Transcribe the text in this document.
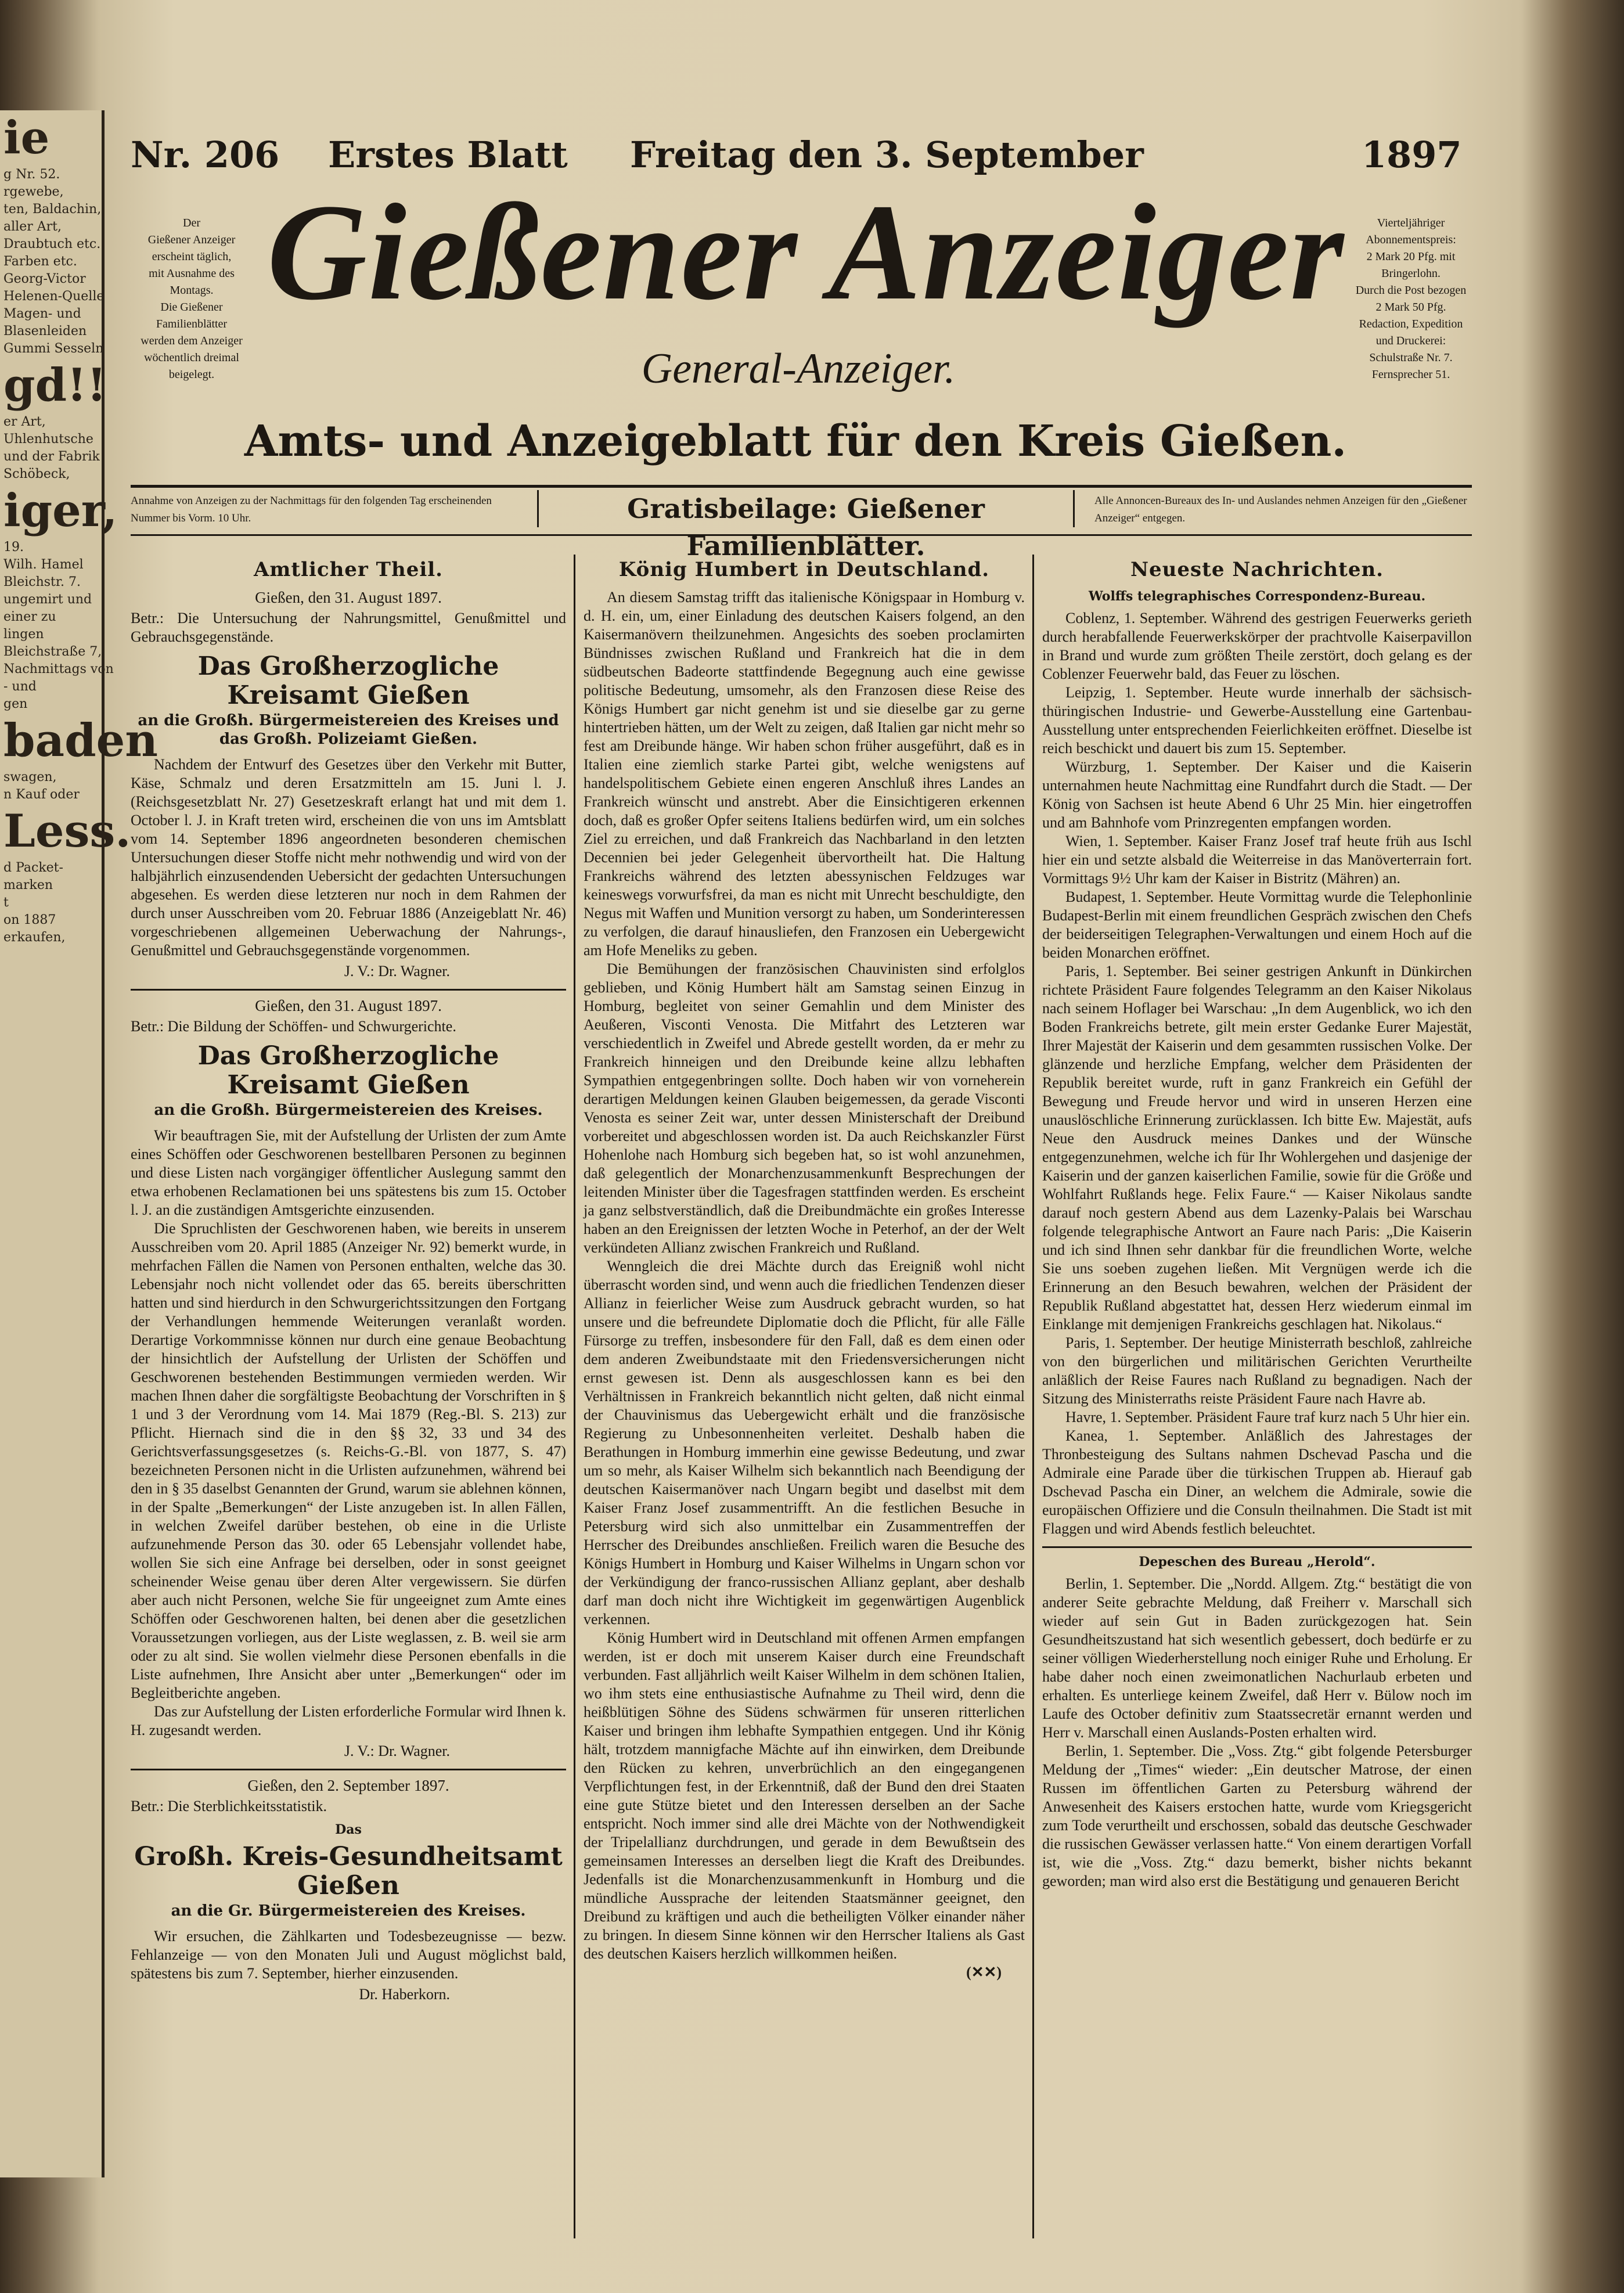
ie
g Nr. 52.
rgewebe,
ten, Baldachin,
aller Art,
Draubtuch etc.
Farben etc.
Georg-Victor
Helenen-Quelle
Magen- und
Blasenleiden
Gummi Sesseln
gd!!
er Art,
Uhlenhutsche
und der Fabrik
Schöbeck,
iger,
19.
Wilh. Hamel
Bleichstr. 7.
ungemirt und
einer zu
lingen
Bleichstraße 7,
Nachmittags von
- und
gen
baden
swagen,
n Kauf oder
Less.
d Packet-
marken
t
on 1887
erkaufen,
Nr. 206 Erstes Blatt Freitag den 3. September	1897
Der
Gießener Anzeiger
erscheint täglich,
mit Ausnahme des
Montags.
Die Gießener
Familienblätter
werden dem Anzeiger
wöchentlich dreimal
beigelegt.
Gießener Anzeiger	Vierteljähriger
Abonnementspreis:
2 Mark 20 Pfg. mit
Bringerlohn.
Durch die Post bezogen
2 Mark 50 Pfg.
Redaction, Expedition
und Druckerei:
Schulstraße Nr. 7.
Fernsprecher 51.
General-Anzeiger.
Amts- und Anzeigeblatt für den Kreis Gießen.
Annahme von Anzeigen zu der Nachmittags für den folgenden Tag erscheinenden Nummer bis Vorm. 10 Uhr.	Gratisbeilage: Gießener Familienblätter.
Alle Annoncen-Bureaux des In- und Auslandes nehmen Anzeigen für den „Gießener Anzeiger“ entgegen.
Amtlicher Theil.
Gießen, den 31. August 1897.
Betr.: Die Untersuchung der Nahrungsmittel, Genußmittel und Gebrauchsgegenstände.
Das Großherzogliche Kreisamt Gießen
an die Großh. Bürgermeistereien des Kreises und das Großh. Polizeiamt Gießen.

Nachdem der Entwurf des Gesetzes über den Verkehr mit Butter, Käse, Schmalz und deren Ersatzmitteln am 15. Juni l. J. (Reichsgesetzblatt Nr. 27) Gesetzeskraft erlangt hat und mit dem 1. October l. J. in Kraft treten wird, erscheinen die von uns im Amtsblatt vom 14. September 1896 angeordneten besonderen chemischen Untersuchungen dieser Stoffe nicht mehr nothwendig und wird von der halbjährlich einzusendenden Uebersicht der gedachten Untersuchungen abgesehen. Es werden diese letzteren nur noch in dem Rahmen der durch unser Ausschreiben vom 20. Februar 1886 (Anzeigeblatt Nr. 46) vorgeschriebenen allgemeinen Ueberwachung der Nahrungs-, Genußmittel und Gebrauchsgegenstände vorgenommen.

J. V.: Dr. Wagner.
Gießen, den 31. August 1897.
Betr.: Die Bildung der Schöffen- und Schwurgerichte.
Das Großherzogliche Kreisamt Gießen
an die Großh. Bürgermeistereien des Kreises.

Wir beauftragen Sie, mit der Aufstellung der Urlisten der zum Amte eines Schöffen oder Geschworenen bestellbaren Personen zu beginnen und diese Listen nach vorgängiger öffentlicher Auslegung sammt den etwa erhobenen Reclamationen bei uns spätestens bis zum 15. October l. J. an die zuständigen Amtsgerichte einzusenden.

Die Spruchlisten der Geschworenen haben, wie bereits in unserem Ausschreiben vom 20. April 1885 (Anzeiger Nr. 92) bemerkt wurde, in mehrfachen Fällen die Namen von Personen enthalten, welche das 30. Lebensjahr noch nicht vollendet oder das 65. bereits überschritten hatten und sind hierdurch in den Schwurgerichtssitzungen den Fortgang der Verhandlungen hemmende Weiterungen veranlaßt worden. Derartige Vorkommnisse können nur durch eine genaue Beobachtung der hinsichtlich der Aufstellung der Urlisten der Schöffen und Geschworenen bestehenden Bestimmungen vermieden werden. Wir machen Ihnen daher die sorgfältigste Beobachtung der Vorschriften in § 1 und 3 der Verordnung vom 14. Mai 1879 (Reg.-Bl. S. 213) zur Pflicht. Hiernach sind die in den §§ 32, 33 und 34 des Gerichtsverfassungsgesetzes (s. Reichs-G.-Bl. von 1877, S. 47) bezeichneten Personen nicht in die Urlisten aufzunehmen, während bei den in § 35 daselbst Genannten der Grund, warum sie ablehnen können, in der Spalte „Bemerkungen“ der Liste anzugeben ist. In allen Fällen, in welchen Zweifel darüber bestehen, ob eine in die Urliste aufzunehmende Person das 30. oder 65 Lebensjahr vollendet habe, wollen Sie sich eine Anfrage bei derselben, oder in sonst geeignet scheinender Weise genau über deren Alter vergewissern. Sie dürfen aber auch nicht Personen, welche Sie für ungeeignet zum Amte eines Schöffen oder Geschworenen halten, bei denen aber die gesetzlichen Voraussetzungen vorliegen, aus der Liste weglassen, z. B. weil sie arm oder zu alt sind. Sie wollen vielmehr diese Personen ebenfalls in die Liste aufnehmen, Ihre Ansicht aber unter „Bemerkungen“ oder im Begleitberichte angeben.

Das zur Aufstellung der Listen erforderliche Formular wird Ihnen k. H. zugesandt werden.

J. V.: Dr. Wagner.
Gießen, den 2. September 1897.
Betr.: Die Sterblichkeitsstatistik.
Das
Großh. Kreis-Gesundheitsamt Gießen
an die Gr. Bürgermeistereien des Kreises.

Wir ersuchen, die Zählkarten und Todesbezeugnisse — bezw. Fehlanzeige — von den Monaten Juli und August möglichst bald, spätestens bis zum 7. September, hierher einzusenden.

Dr. Haberkorn.
König Humbert in Deutschland.

An diesem Samstag trifft das italienische Königspaar in Homburg v. d. H. ein, um, einer Einladung des deutschen Kaisers folgend, an den Kaisermanövern theilzunehmen. Angesichts des soeben proclamirten Bündnisses zwischen Rußland und Frankreich hat die in dem südbeutschen Badeorte stattfindende Begegnung auch eine gewisse politische Bedeutung, umsomehr, als den Franzosen diese Reise des Königs Humbert gar nicht genehm ist und sie dieselbe gar zu gerne hintertrieben hätten, um der Welt zu zeigen, daß Italien gar nicht mehr so fest am Dreibunde hänge. Wir haben schon früher ausgeführt, daß es in Italien eine ziemlich starke Partei gibt, welche wenigstens auf handelspolitischem Gebiete einen engeren Anschluß ihres Landes an Frankreich wünscht und anstrebt. Aber die Einsichtigeren erkennen doch, daß es großer Opfer seitens Italiens bedürfen wird, um ein solches Ziel zu erreichen, und daß Frankreich das Nachbarland in den letzten Decennien bei jeder Gelegenheit übervortheilt hat. Die Haltung Frankreichs während des letzten abessynischen Feldzuges war keineswegs vorwurfsfrei, da man es nicht mit Unrecht beschuldigte, den Negus mit Waffen und Munition versorgt zu haben, um Sonderinteressen zu verfolgen, die darauf hinausliefen, den Franzosen ein Uebergewicht am Hofe Meneliks zu geben.

Die Bemühungen der französischen Chauvinisten sind erfolglos geblieben, und König Humbert hält am Samstag seinen Einzug in Homburg, begleitet von seiner Gemahlin und dem Minister des Aeußeren, Visconti Venosta. Die Mitfahrt des Letzteren war verschiedentlich in Zweifel und Abrede gestellt worden, da er mehr zu Frankreich hinneigen und den Dreibunde keine allzu lebhaften Sympathien entgegenbringen sollte. Doch haben wir von vorneherein derartigen Meldungen keinen Glauben beigemessen, da gerade Visconti Venosta es seiner Zeit war, unter dessen Ministerschaft der Dreibund vorbereitet und abgeschlossen worden ist. Da auch Reichskanzler Fürst Hohenlohe nach Homburg sich begeben hat, so ist wohl anzunehmen, daß gelegentlich der Monarchenzusammenkunft Besprechungen der leitenden Minister über die Tagesfragen stattfinden werden. Es erscheint ja ganz selbstverständlich, daß die Dreibundmächte ein großes Interesse haben an den Ereignissen der letzten Woche in Peterhof, an der der Welt verkündeten Allianz zwischen Frankreich und Rußland.

Wenngleich die drei Mächte durch das Ereigniß wohl nicht überrascht worden sind, und wenn auch die friedlichen Tendenzen dieser Allianz in feierlicher Weise zum Ausdruck gebracht wurden, so hat unsere und die befreundete Diplomatie doch die Pflicht, für alle Fälle Fürsorge zu treffen, insbesondere für den Fall, daß es dem einen oder dem anderen Zweibundstaate mit den Friedensversicherungen nicht ernst gewesen ist. Denn als ausgeschlossen kann es bei den Verhältnissen in Frankreich bekanntlich nicht gelten, daß nicht einmal der Chauvinismus das Uebergewicht erhält und die französische Regierung zu Unbesonnenheiten verleitet. Deshalb haben die Berathungen in Homburg immerhin eine gewisse Bedeutung, und zwar um so mehr, als Kaiser Wilhelm sich bekanntlich nach Beendigung der deutschen Kaisermanöver nach Ungarn begibt und daselbst mit dem Kaiser Franz Josef zusammentrifft. An die festlichen Besuche in Petersburg wird sich also unmittelbar ein Zusammentreffen der Herrscher des Dreibundes anschließen. Freilich waren die Besuche des Königs Humbert in Homburg und Kaiser Wilhelms in Ungarn schon vor der Verkündigung der franco-russischen Allianz geplant, aber deshalb darf man doch nicht ihre Wichtigkeit im gegenwärtigen Augenblick verkennen.

König Humbert wird in Deutschland mit offenen Armen empfangen werden, ist er doch mit unserem Kaiser durch eine Freundschaft verbunden. Fast alljährlich weilt Kaiser Wilhelm in dem schönen Italien, wo ihm stets eine enthusiastische Aufnahme zu Theil wird, denn die heißblütigen Söhne des Südens schwärmen für unseren ritterlichen Kaiser und bringen ihm lebhafte Sympathien entgegen. Und ihr König hält, trotzdem mannigfache Mächte auf ihn einwirken, dem Dreibunde den Rücken zu kehren, unverbrüchlich an den eingegangenen Verpflichtungen fest, in der Erkenntniß, daß der Bund den drei Staaten eine gute Stütze bietet und den Interessen derselben an der Sache entspricht. Noch immer sind alle drei Mächte von der Nothwendigkeit der Tripelallianz durchdrungen, und gerade in dem Bewußtsein des gemeinsamen Interesses an derselben liegt die Kraft des Dreibundes. Jedenfalls ist die Monarchenzusammenkunft in Homburg und die mündliche Aussprache der leitenden Staatsmänner geeignet, den Dreibund zu kräftigen und auch die betheiligten Völker einander näher zu bringen. In diesem Sinne können wir den Herrscher Italiens als Gast des deutschen Kaisers herzlich willkommen heißen.

(✕✕)
Neueste Nachrichten.
Wolffs telegraphisches Correspondenz-Bureau.

Coblenz, 1. September. Während des gestrigen Feuerwerks gerieth durch herabfallende Feuerwerkskörper der prachtvolle Kaiserpavillon in Brand und wurde zum größten Theile zerstört, doch gelang es der Coblenzer Feuerwehr bald, das Feuer zu löschen.

Leipzig, 1. September. Heute wurde innerhalb der sächsisch-thüringischen Industrie- und Gewerbe-Ausstellung eine Gartenbau-Ausstellung unter entsprechenden Feierlichkeiten eröffnet. Dieselbe ist reich beschickt und dauert bis zum 15. September.

Würzburg, 1. September. Der Kaiser und die Kaiserin unternahmen heute Nachmittag eine Rundfahrt durch die Stadt. — Der König von Sachsen ist heute Abend 6 Uhr 25 Min. hier eingetroffen und am Bahnhofe vom Prinzregenten empfangen worden.

Wien, 1. September. Kaiser Franz Josef traf heute früh aus Ischl hier ein und setzte alsbald die Weiterreise in das Manöverterrain fort. Vormittags 9½ Uhr kam der Kaiser in Bistritz (Mähren) an.

Budapest, 1. September. Heute Vormittag wurde die Telephonlinie Budapest-Berlin mit einem freundlichen Gespräch zwischen den Chefs der beiderseitigen Telegraphen-Verwaltungen und einem Hoch auf die beiden Monarchen eröffnet.

Paris, 1. September. Bei seiner gestrigen Ankunft in Dünkirchen richtete Präsident Faure folgendes Telegramm an den Kaiser Nikolaus nach seinem Hoflager bei Warschau: „In dem Augenblick, wo ich den Boden Frankreichs betrete, gilt mein erster Gedanke Eurer Majestät, Ihrer Majestät der Kaiserin und dem gesammten russischen Volke. Der glänzende und herzliche Empfang, welcher dem Präsidenten der Republik bereitet wurde, ruft in ganz Frankreich ein Gefühl der Bewegung und Freude hervor und wird in unseren Herzen eine unauslöschliche Erinnerung zurücklassen. Ich bitte Ew. Majestät, aufs Neue den Ausdruck meines Dankes und der Wünsche entgegenzunehmen, welche ich für Ihr Wohlergehen und dasjenige der Kaiserin und der ganzen kaiserlichen Familie, sowie für die Größe und Wohlfahrt Rußlands hege. Felix Faure.“ — Kaiser Nikolaus sandte darauf noch gestern Abend aus dem Lazenky-Palais bei Warschau folgende telegraphische Antwort an Faure nach Paris: „Die Kaiserin und ich sind Ihnen sehr dankbar für die freundlichen Worte, welche Sie uns soeben zugehen ließen. Mit Vergnügen werde ich die Erinnerung an den Besuch bewahren, welchen der Präsident der Republik Rußland abgestattet hat, dessen Herz wiederum einmal im Einklange mit demjenigen Frankreichs geschlagen hat. Nikolaus.“

Paris, 1. September. Der heutige Ministerrath beschloß, zahlreiche von den bürgerlichen und militärischen Gerichten Verurtheilte anläßlich der Reise Faures nach Rußland zu begnadigen. Nach der Sitzung des Ministerraths reiste Präsident Faure nach Havre ab.

Havre, 1. September. Präsident Faure traf kurz nach 5 Uhr hier ein.

Kanea, 1. September. Anläßlich des Jahrestages der Thronbesteigung des Sultans nahmen Dschevad Pascha und die Admirale eine Parade über die türkischen Truppen ab. Hierauf gab Dschevad Pascha ein Diner, an welchem die Admirale, sowie die europäischen Offiziere und die Consuln theilnahmen. Die Stadt ist mit Flaggen und wird Abends festlich beleuchtet.

Depeschen des Bureau „Herold“.

Berlin, 1. September. Die „Nordd. Allgem. Ztg.“ bestätigt die von anderer Seite gebrachte Meldung, daß Freiherr v. Marschall sich wieder auf sein Gut in Baden zurückgezogen hat. Sein Gesundheitszustand hat sich wesentlich gebessert, doch bedürfe er zu seiner völligen Wiederherstellung noch einiger Ruhe und Erholung. Er habe daher noch einen zweimonatlichen Nachurlaub erbeten und erhalten. Es unterliege keinem Zweifel, daß Herr v. Bülow noch im Laufe des October definitiv zum Staatssecretär ernannt werden und Herr v. Marschall einen Auslands-Posten erhalten wird.

Berlin, 1. September. Die „Voss. Ztg.“ gibt folgende Petersburger Meldung der „Times“ wieder: „Ein deutscher Matrose, der einen Russen im öffentlichen Garten zu Petersburg während der Anwesenheit des Kaisers erstochen hatte, wurde vom Kriegsgericht zum Tode verurtheilt und erschossen, sobald das deutsche Geschwader die russischen Gewässer verlassen hatte.“ Von einem derartigen Vorfall ist, wie die „Voss. Ztg.“ dazu bemerkt, bisher nichts bekannt geworden; man wird also erst die Bestätigung und genaueren Bericht
